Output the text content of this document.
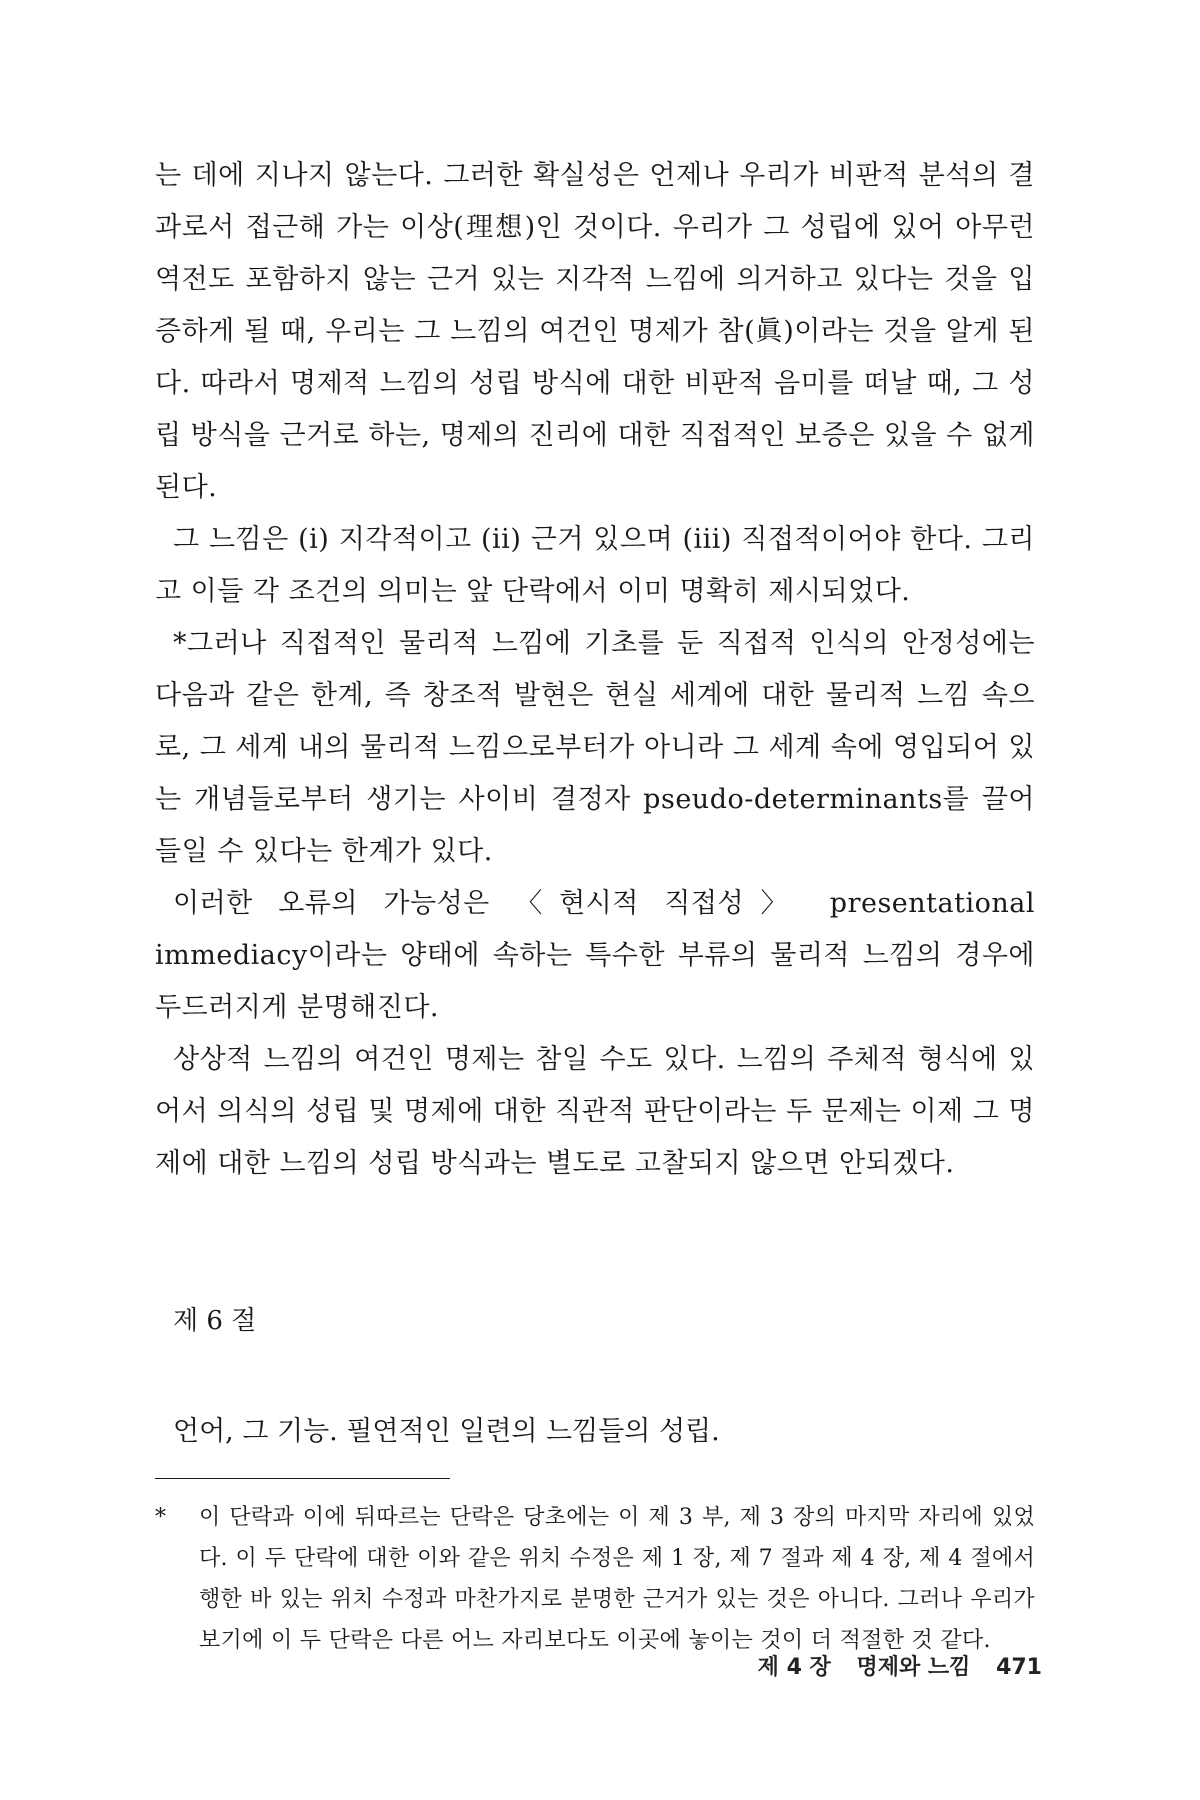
는 데에 지나지 않는다. 그러한 확실성은 언제나 우리가 비판적 분석의 결과로서 접근해 가는 이상(理想)인 것이다. 우리가 그 성립에 있어 아무런 역전도 포함하지 않는 근거 있는 지각적 느낌에 의거하고 있다는 것을 입증하게 될 때, 우리는 그 느낌의 여건인 명제가 참(眞)이라는 것을 알게 된다. 따라서 명제적 느낌의 성립 방식에 대한 비판적 음미를 떠날 때, 그 성립 방식을 근거로 하는, 명제의 진리에 대한 직접적인 보증은 있을 수 없게 된다.

그 느낌은 (i) 지각적이고 (ii) 근거 있으며 (iii) 직접적이어야 한다. 그리고 이들 각 조건의 의미는 앞 단락에서 이미 명확히 제시되었다.

*그러나 직접적인 물리적 느낌에 기초를 둔 직접적 인식의 안정성에는 다음과 같은 한계, 즉 창조적 발현은 현실 세계에 대한 물리적 느낌 속으로, 그 세계 내의 물리적 느낌으로부터가 아니라 그 세계 속에 영입되어 있는 개념들로부터 생기는 사이비 결정자 pseudo-determinants를 끌어들일 수 있다는 한계가 있다.

이러한 오류의 가능성은 〈현시적 직접성〉 presentational immediacy이라는 양태에 속하는 특수한 부류의 물리적 느낌의 경우에 두드러지게 분명해진다.

상상적 느낌의 여건인 명제는 참일 수도 있다. 느낌의 주체적 형식에 있어서 의식의 성립 및 명제에 대한 직관적 판단이라는 두 문제는 이제 그 명제에 대한 느낌의 성립 방식과는 별도로 고찰되지 않으면 안되겠다.

제 6 절
언어, 그 기능. 필연적인 일련의 느낌들의 성립.
* 이 단락과 이에 뒤따르는 단락은 당초에는 이 제 3 부, 제 3 장의 마지막 자리에 있었다. 이 두 단락에 대한 이와 같은 위치 수정은 제 1 장, 제 7 절과 제 4 장, 제 4 절에서 행한 바 있는 위치 수정과 마찬가지로 분명한 근거가 있는 것은 아니다. 그러나 우리가 보기에 이 두 단락은 다른 어느 자리보다도 이곳에 놓이는 것이 더 적절한 것 같다.
제 4 장 명제와 느낌 471
